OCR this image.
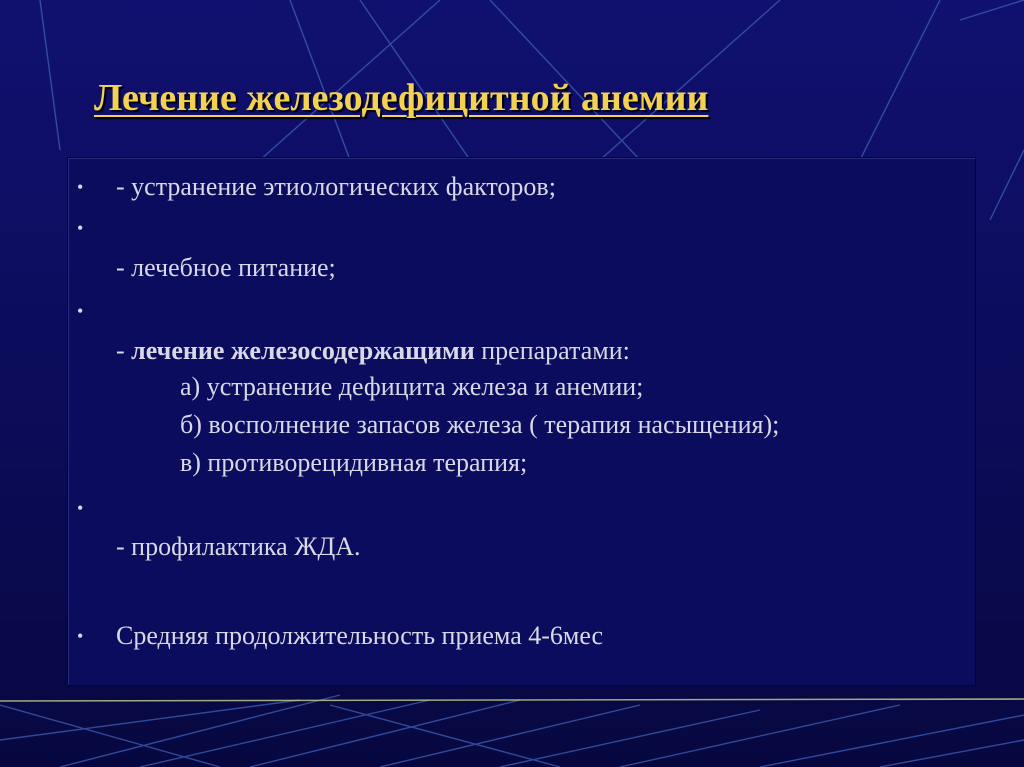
Лечение железодефицитной анемии
• - устранение этиологических факторов;
•
- лечебное питание;
•
- лечение железосодержащими препаратами:
а) устранение дефицита железа и анемии;
б) восполнение запасов железа ( терапия насыщения);
в) противорецидивная терапия;
•
- профилактика ЖДА.
• Средняя продолжительность приема 4-6мес
